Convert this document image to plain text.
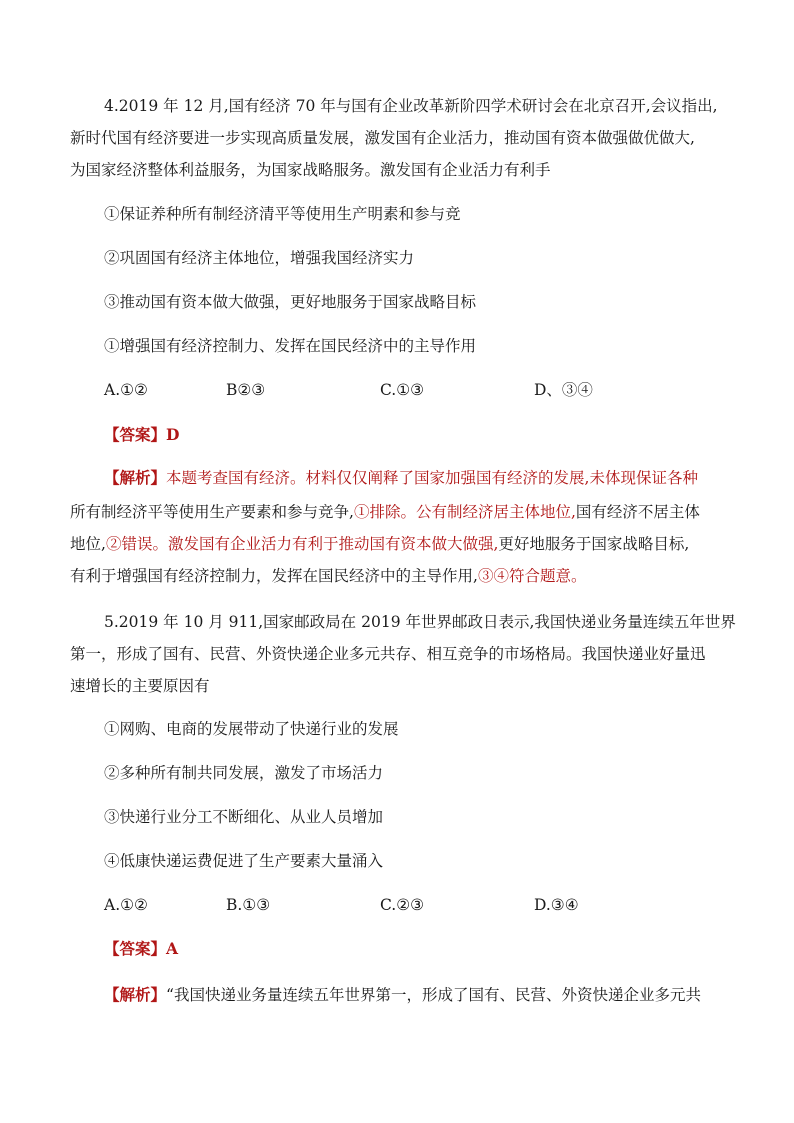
4.2019 年 12 月,国有经济 70 年与国有企业改革新阶四学术研讨会在北京召开,会议指出,
新时代国有经济要进一步实现高质量发展，激发国有企业活力，推动国有资本做强做优做大,
为国家经济整体利益服务，为国家战略服务。激发国有企业活力有利手
①保证养种所有制经济清平等使用生产明素和参与竞
②巩固国有经济主体地位，增强我国经济实力
③推动国有资本做大做强，更好地服务于国家战略目标
①增强国有经济控制力、发挥在国民经济中的主导作用
A.①②	B②③	C.①③	D、③④
【答案】D
【解析】本题考查国有经济。材料仅仅阐释了国家加强国有经济的发展,未体现保证各种
所有制经济平等使用生产要素和参与竞争,①排除。公有制经济居主体地位,国有经济不居主体
地位,②错误。激发国有企业活力有利于推动国有资本做大做强,更好地服务于国家战略目标,
有利于增强国有经济控制力，发挥在国民经济中的主导作用,③④符合题意。
5.2019 年 10 月 911,国家邮政局在 2019 年世界邮政日表示,我国快递业务量连续五年世界
第一，形成了国有、民营、外资快递企业多元共存、相互竞争的市场格局。我国快递业好量迅
速增长的主要原因有
①网购、电商的发展带动了快递行业的发展
②多种所有制共同发展，激发了市场活力
③快递行业分工不断细化、从业人员增加
④低康快递运费促进了生产要素大量涌入
A.①②	B.①③	C.②③	D.③④
【答案】A
【解析】“我国快递业务量连续五年世界第一，形成了国有、民营、外资快递企业多元共
